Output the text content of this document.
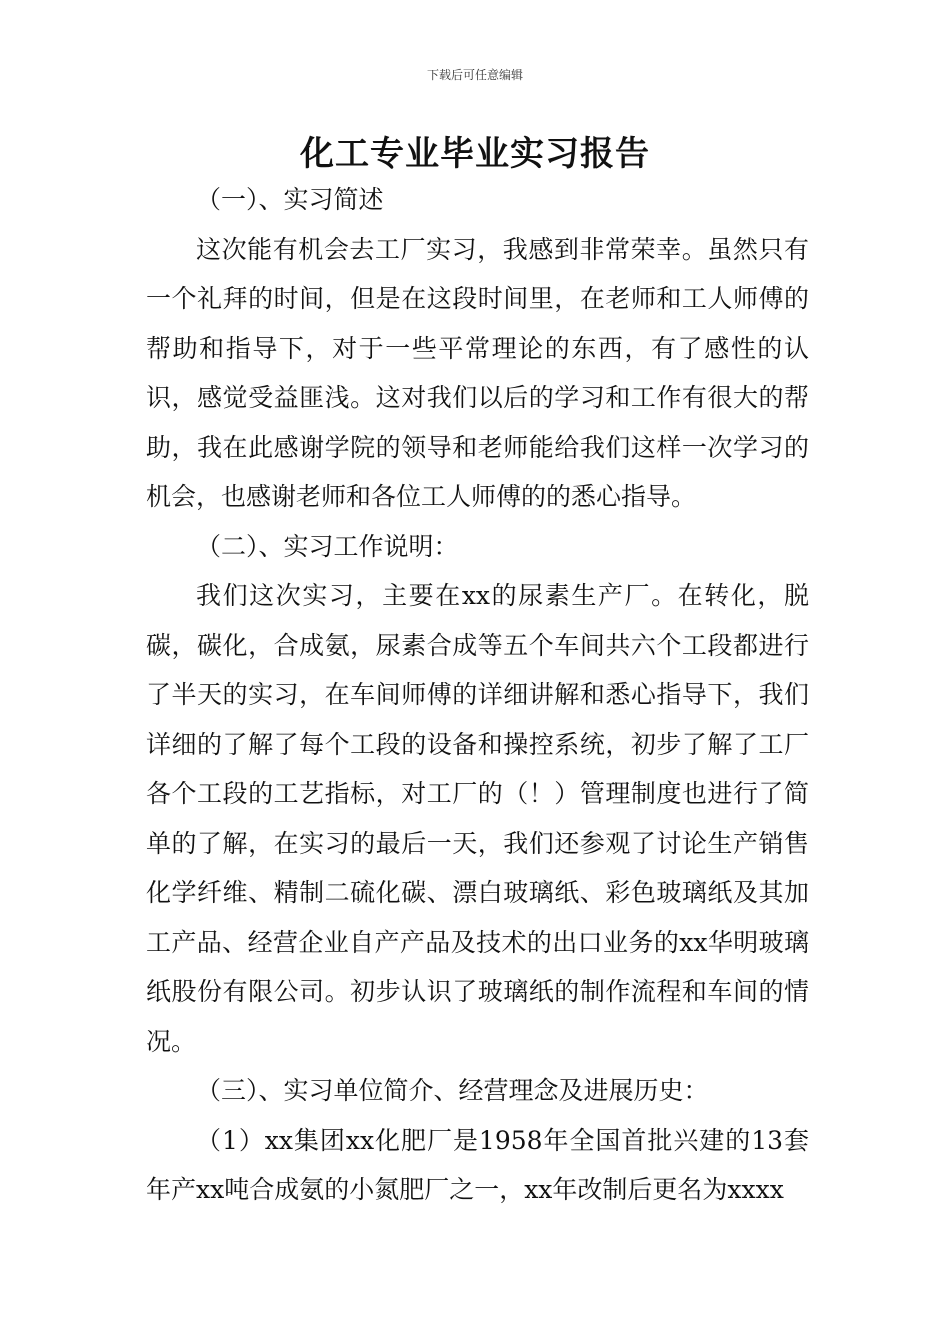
下载后可任意编辑
化工专业毕业实习报告

（一）、实习简述

这次能有机会去工厂实习，我感到非常荣幸。虽然只有一个礼拜的时间，但是在这段时间里，在老师和工人师傅的帮助和指导下，对于一些平常理论的东西，有了感性的认识，感觉受益匪浅。这对我们以后的学习和工作有很大的帮助，我在此感谢学院的领导和老师能给我们这样一次学习的机会，也感谢老师和各位工人师傅的的悉心指导。

（二）、实习工作说明：

我们这次实习，主要在xx的尿素生产厂。在转化，脱碳，碳化，合成氨，尿素合成等五个车间共六个工段都进行了半天的实习，在车间师傅的详细讲解和悉心指导下，我们详细的了解了每个工段的设备和操控系统，初步了解了工厂各个工段的工艺指标，对工厂的（！）管理制度也进行了简单的了解，在实习的最后一天，我们还参观了讨论生产销售化学纤维、精制二硫化碳、漂白玻璃纸、彩色玻璃纸及其加工产品、经营企业自产产品及技术的出口业务的xx华明玻璃纸股份有限公司。初步认识了玻璃纸的制作流程和车间的情况。

（三）、实习单位简介、经营理念及进展历史：

（1）xx集团xx化肥厂是1958年全国首批兴建的13套年产xx吨合成氨的小氮肥厂之一，xx年改制后更名为xxxx
